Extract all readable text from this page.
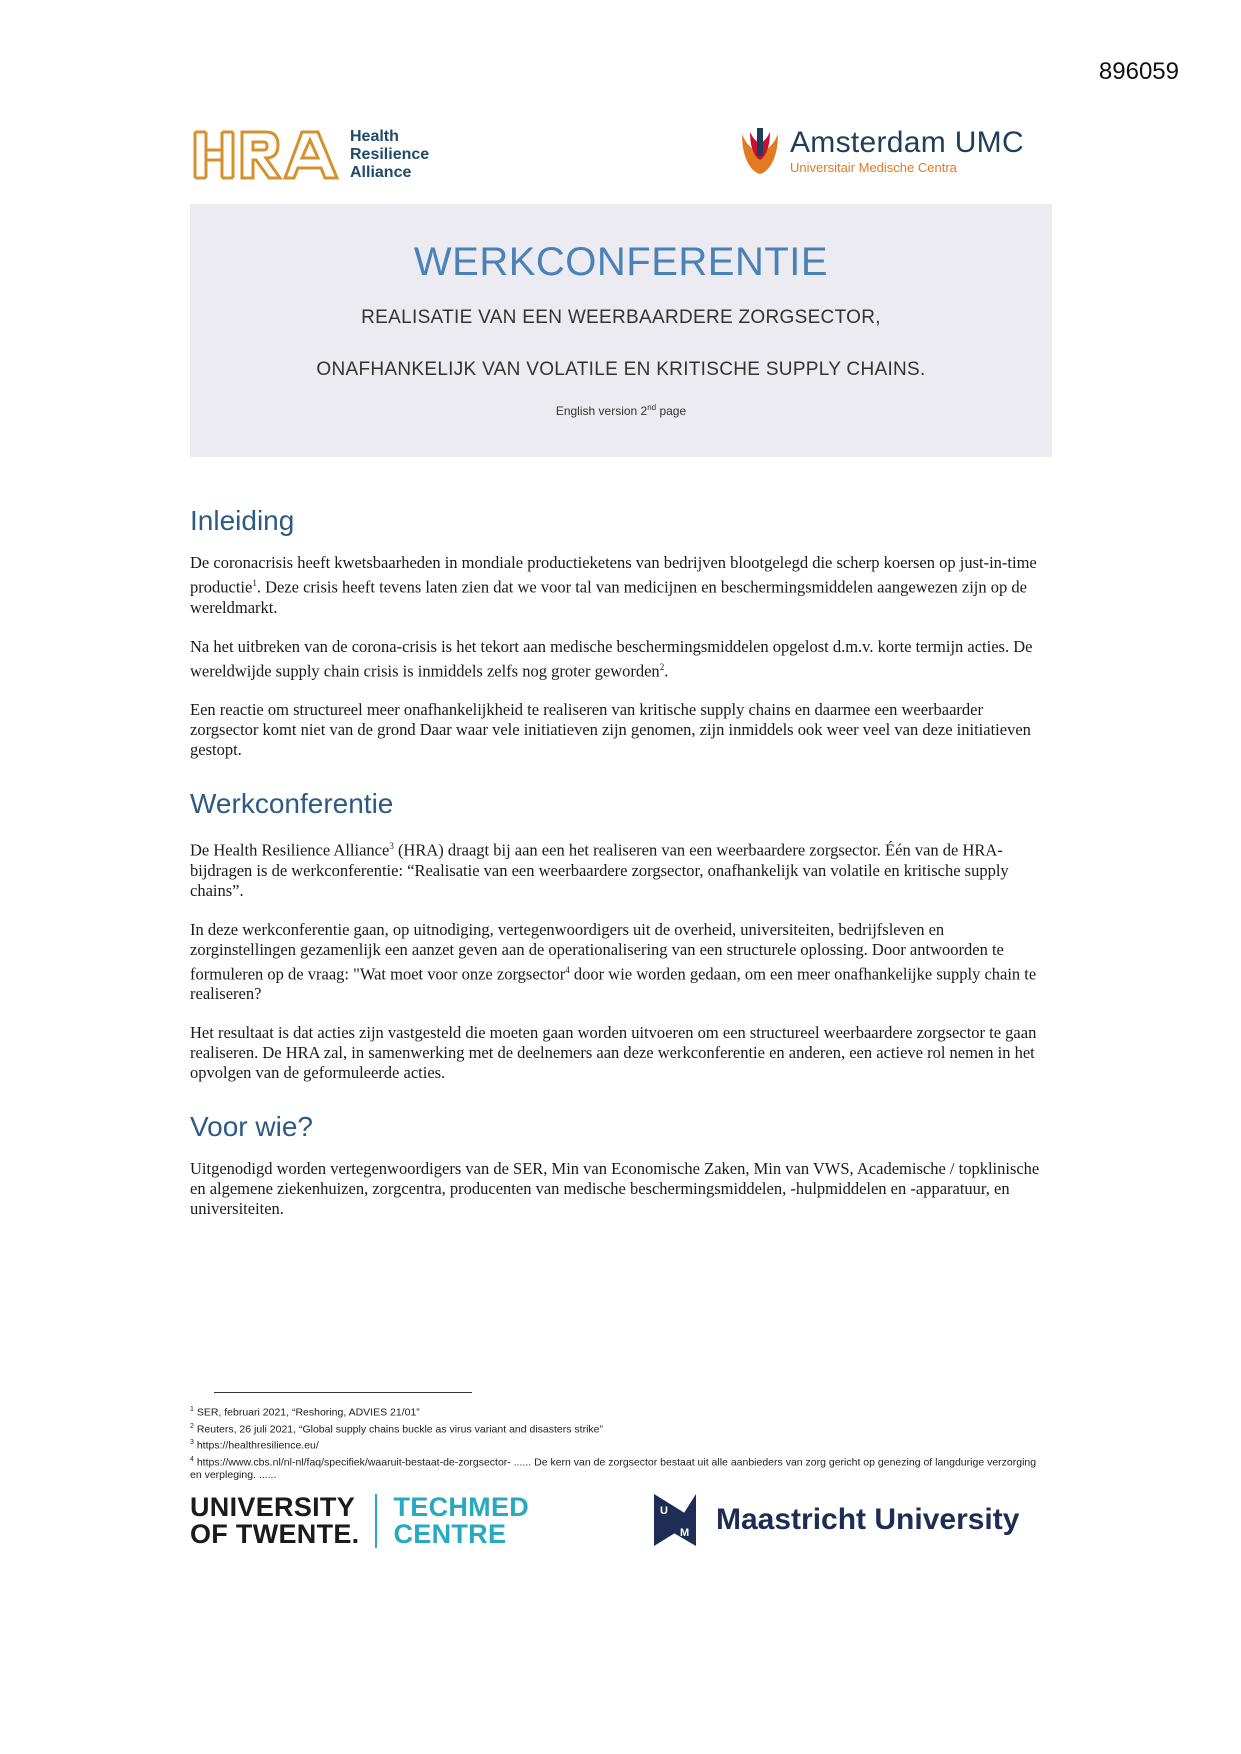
896059
Health
Resilience
Alliance
Amsterdam UMC
Universitair Medische Centra
WERKCONFERENTIE
REALISATIE VAN EEN WEERBAARDERE ZORGSECTOR,
ONAFHANKELIJK VAN VOLATILE EN KRITISCHE SUPPLY CHAINS.
English version 2nd page
Inleiding

De coronacrisis heeft kwetsbaarheden in mondiale productieketens van bedrijven blootgelegd die scherp koersen op just-in-time productie$^1$. Deze crisis heeft tevens laten zien dat we voor tal van medicijnen en beschermingsmiddelen aangewezen zijn op de wereldmarkt.

Na het uitbreken van de corona-crisis is het tekort aan medische beschermingsmiddelen opgelost d.m.v. korte termijn acties. De wereldwijde supply chain crisis is inmiddels zelfs nog groter geworden$^2$.

Een reactie om structureel meer onafhankelijkheid te realiseren van kritische supply chains en daarmee een weerbaarder zorgsector komt niet van de grond Daar waar vele initiatieven zijn genomen, zijn inmiddels ook weer veel van deze initiatieven gestopt.

Werkconferentie

De Health Resilience Alliance$^3$ (HRA) draagt bij aan een het realiseren van een weerbaardere zorgsector. Één van de HRA-bijdragen is de werkconferentie: “Realisatie van een weerbaardere zorgsector, onafhankelijk van volatile en kritische supply chains”.

In deze werkconferentie gaan, op uitnodiging, vertegenwoordigers uit de overheid, universiteiten, bedrijfsleven en zorginstellingen gezamenlijk een aanzet geven aan de operationalisering van een structurele oplossing. Door antwoorden te formuleren op de vraag: "Wat moet voor onze zorgsector$^4$ door wie worden gedaan, om een meer onafhankelijke supply chain te realiseren?

Het resultaat is dat acties zijn vastgesteld die moeten gaan worden uitvoeren om een structureel weerbaardere zorgsector te gaan realiseren. De HRA zal, in samenwerking met de deelnemers aan deze werkconferentie en anderen, een actieve rol nemen in het opvolgen van de geformuleerde acties.

Voor wie?

Uitgenodigd worden vertegenwoordigers van de SER, Min van Economische Zaken, Min van VWS, Academische / topklinische en algemene ziekenhuizen, zorgcentra, producenten van medische beschermingsmiddelen, -hulpmiddelen en -apparatuur, en universiteiten.

$^1$ SER, februari 2021, “Reshoring, ADVIES 21/01”
$^2$ Reuters, 26 juli 2021, “Global supply chains buckle as virus variant and disasters strike”
$^3$ https://healthresilience.eu/
$^4$ https://www.cbs.nl/nl-nl/faq/specifiek/waaruit-bestaat-de-zorgsector- ...... De kern van de zorgsector bestaat uit alle aanbieders van zorg gericht op genezing of langdurige verzorging en verpleging. ......
UNIVERSITY
OF TWENTE.
TECHMED
CENTRE
U
M Maastricht University
